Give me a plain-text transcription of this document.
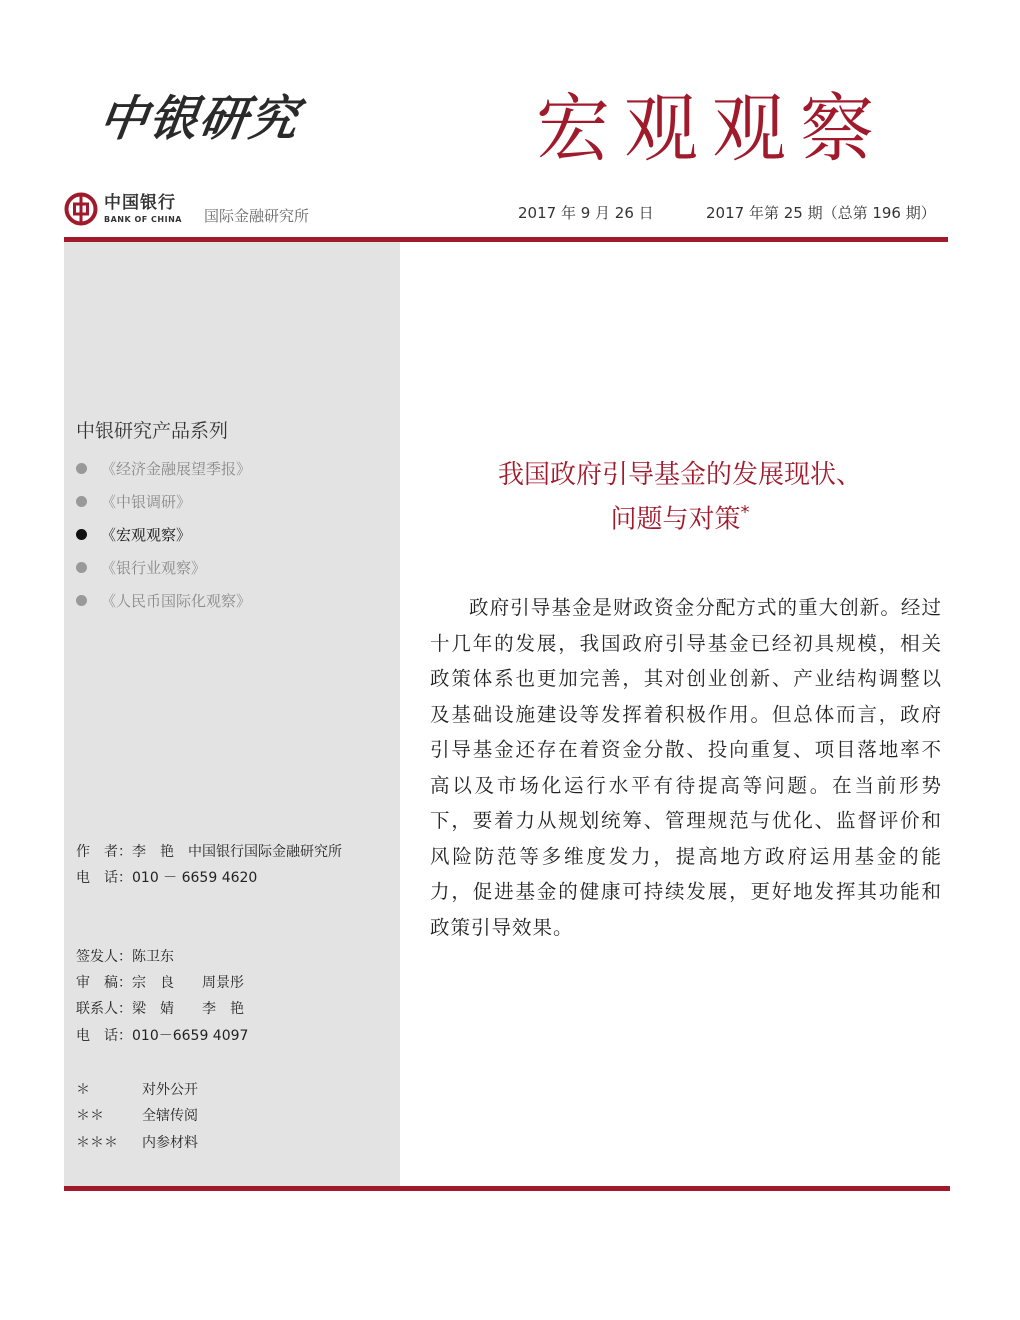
中银研究	宏观观察
中国银行
BANK OF CHINA 国际金融研究所	2017 年 9 月 26 日	2017 年第 25 期（总第 196 期）
中银研究产品系列
《经济金融展望季报》
《中银调研》
《宏观观察》
《银行业观察》
《人民币国际化观察》
作　者：李　艳　中国银行国际金融研究所
电　话：010 － 6659 4620
签发人：陈卫东
审　稿：宗　良　　周景彤
联系人：梁　婧　　李　艳
电　话：010－6659 4097
＊	对外公开
＊＊	全辖传阅
＊＊＊ 内参材料
我国政府引导基金的发展现状、
问题与对策*

政府引导基金是财政资金分配方式的重大创新。经过十几年的发展，我国政府引导基金已经初具规模，相关政策体系也更加完善，其对创业创新、产业结构调整以及基础设施建设等发挥着积极作用。但总体而言，政府引导基金还存在着资金分散、投向重复、项目落地率不高以及市场化运行水平有待提高等问题。在当前形势下，要着力从规划统筹、管理规范与优化、监督评价和风险防范等多维度发力，提高地方政府运用基金的能力，促进基金的健康可持续发展，更好地发挥其功能和政策引导效果。
